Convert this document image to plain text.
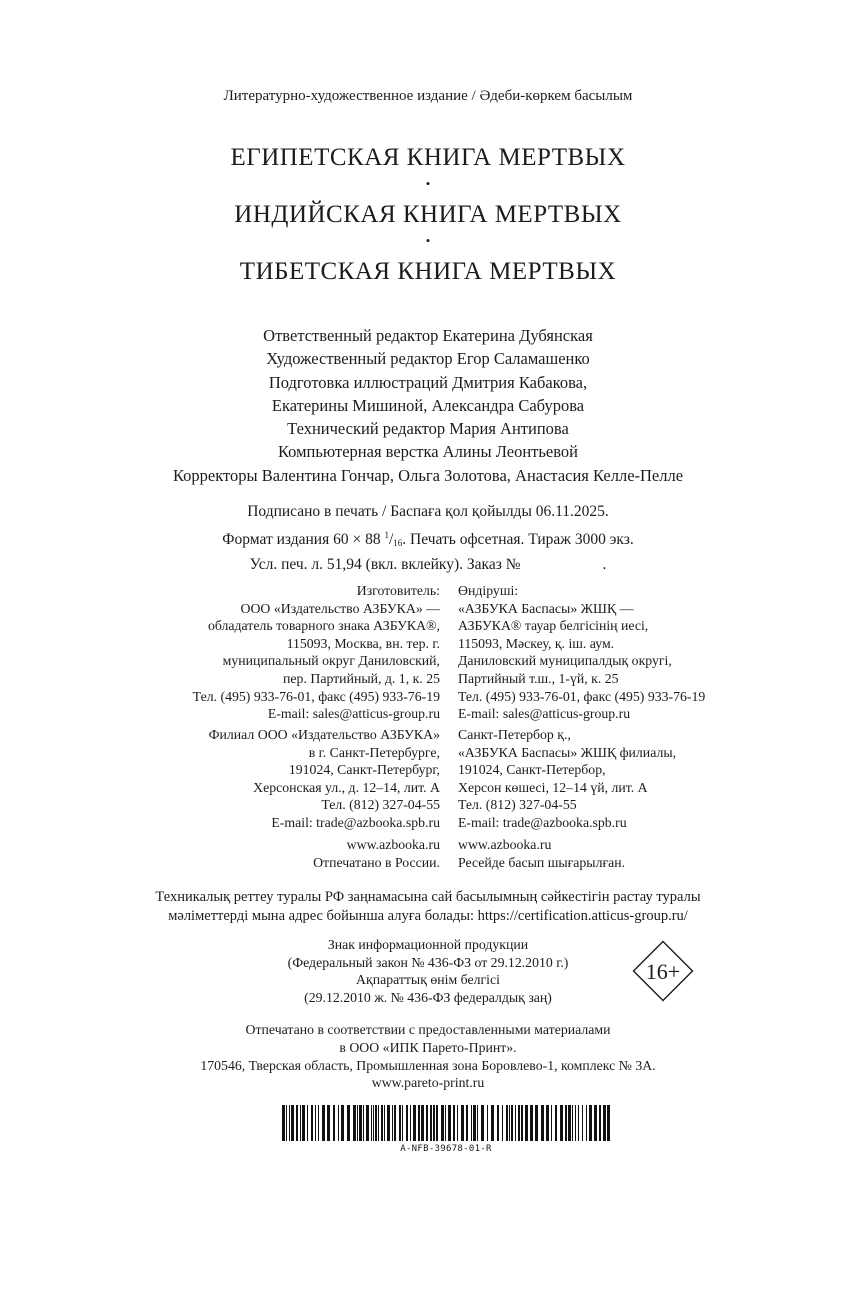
Литературно-художественное издание / Әдеби-көркем басылым
ЕГИПЕТСКАЯ КНИГА МЕРТВЫХ
•
ИНДИЙСКАЯ КНИГА МЕРТВЫХ
•
ТИБЕТСКАЯ КНИГА МЕРТВЫХ
Ответственный редактор Екатерина Дубянская
Художественный редактор Егор Саламашенко
Подготовка иллюстраций Дмитрия Кабакова,
Екатерины Мишиной, Александра Сабурова
Технический редактор Мария Антипова
Компьютерная верстка Алины Леонтьевой
Корректоры Валентина Гончар, Ольга Золотова, Анастасия Келле-Пелле
Подписано в печать / Баспаға қол қойылды 06.11.2025.
Формат издания 60 × 88 $^1/_{16}$. Печать офсетная. Тираж 3000 экз.
Усл. печ. л. 51,94 (вкл. вклейку). Заказ №	.
Изготовитель:
ООО «Издательство АЗБУКА» —
обладатель товарного знака АЗБУКА®,
115093, Москва, вн. тер. г.
муниципальный округ Даниловский,
пер. Партийный, д. 1, к. 25
Тел. (495) 933-76-01, факс (495) 933-76-19
E-mail: sales@atticus-group.ru
Өндіруші:
«АЗБУКА Баспасы» ЖШҚ —
АЗБУКА® тауар белгісінің иесі,
115093, Мәскеу, қ. іш. аум.
Даниловский муниципалдық округі,
Партийный т.ш., 1-үй, к. 25
Тел. (495) 933-76-01, факс (495) 933-76-19
E-mail: sales@atticus-group.ru
Филиал ООО «Издательство АЗБУКА»
в г. Санкт-Петербурге,
191024, Санкт-Петербург,
Херсонская ул., д. 12–14, лит. А
Тел. (812) 327-04-55
E-mail: trade@azbooka.spb.ru
Санкт-Петербор қ.,
«АЗБУКА Баспасы» ЖШҚ филиалы,
191024, Санкт-Петербор,
Херсон көшесі, 12–14 үй, лит. А
Тел. (812) 327-04-55
E-mail: trade@azbooka.spb.ru
www.azbooka.ru
Отпечатано в России.
www.azbooka.ru
Ресейде басып шығарылған.
Техникалық реттеу туралы РФ заңнамасына сай басылымның сәйкестігін растау туралы
мәліметтерді мына адрес бойынша алуға болады: https://certification.atticus-group.ru/
Знак информационной продукции
(Федеральный закон № 436-ФЗ от 29.12.2010 г.)
Ақпараттық өнім белгісі
(29.12.2010 ж. № 436-ФЗ федералдық заң)
16+
Отпечатано в соответствии с предоставленными материалами
в ООО «ИПК Парето-Принт».
170546, Тверская область, Промышленная зона Боровлево-1, комплекс № 3А.
www.pareto-print.ru
A-NFB-39678-01-R
